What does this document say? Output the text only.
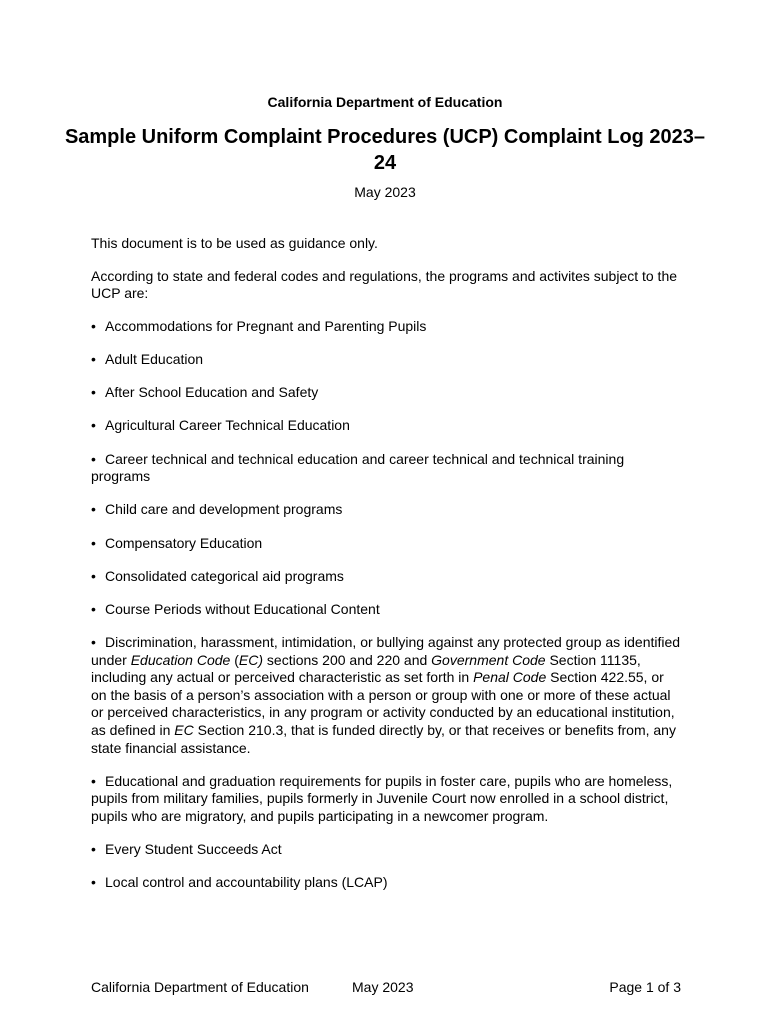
California Department of Education
Sample Uniform Complaint Procedures (UCP) Complaint Log 2023–24
May 2023

This document is to be used as guidance only.

According to state and federal codes and regulations, the programs and activites subject to the UCP are:

• Accommodations for Pregnant and Parenting Pupils
• Adult Education
• After School Education and Safety
• Agricultural Career Technical Education
• Career technical and technical education and career technical and technical training programs
• Child care and development programs
• Compensatory Education
• Consolidated categorical aid programs
• Course Periods without Educational Content
• Discrimination, harassment, intimidation, or bullying against any protected group as identified under Education Code (EC) sections 200 and 220 and Government Code Section 11135, including any actual or perceived characteristic as set forth in Penal Code Section 422.55, or on the basis of a person’s association with a person or group with one or more of these actual or perceived characteristics, in any program or activity conducted by an educational institution, as defined in EC Section 210.3, that is funded directly by, or that receives or benefits from, any state financial assistance.
• Educational and graduation requirements for pupils in foster care, pupils who are homeless, pupils from military families, pupils formerly in Juvenile Court now enrolled in a school district, pupils who are migratory, and pupils participating in a newcomer program.
• Every Student Succeeds Act
• Local control and accountability plans (LCAP)
California Department of Education	May 2023	Page 1 of 3
